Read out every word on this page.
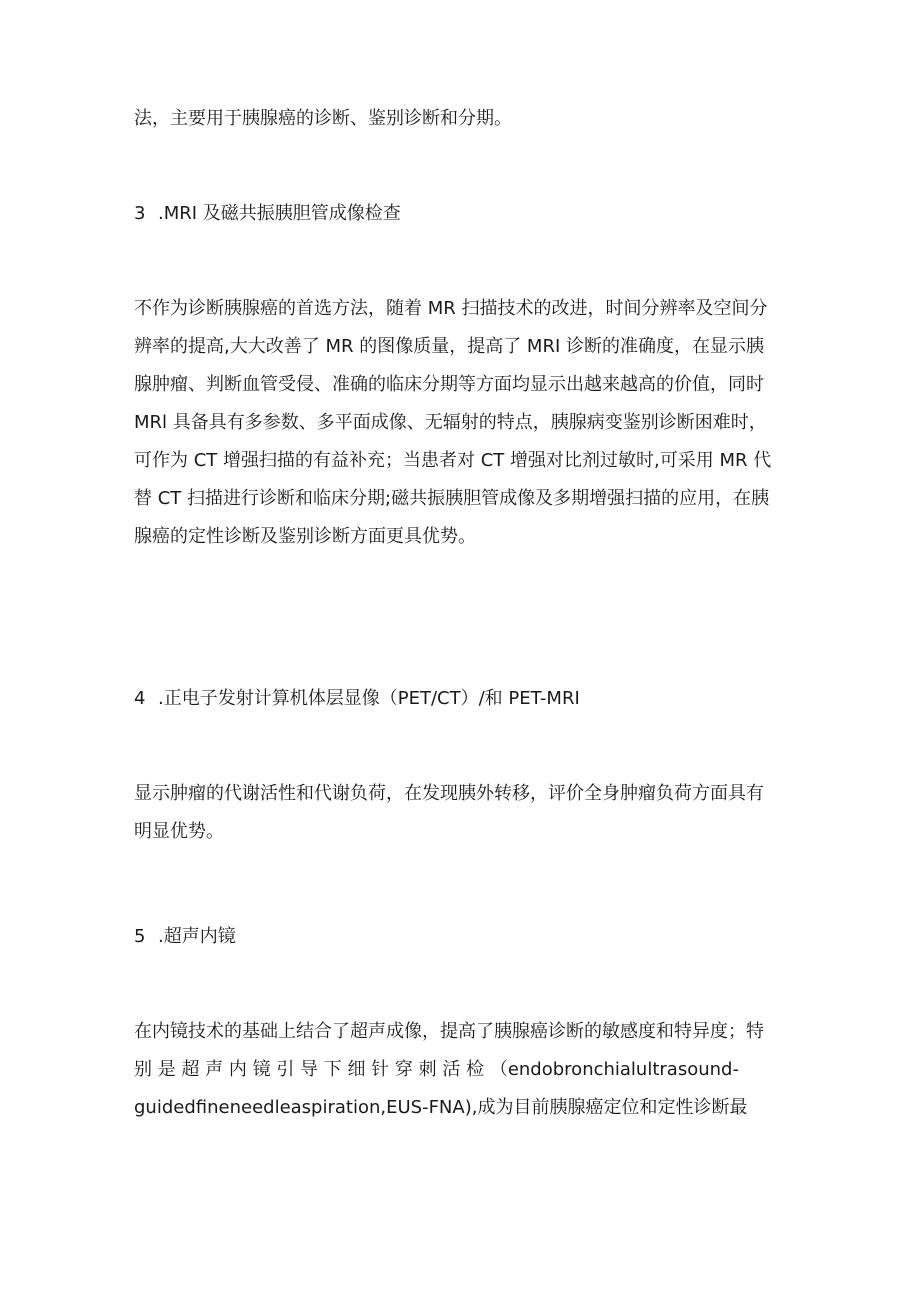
法，主要用于胰腺癌的诊断、鉴别诊断和分期。
3 .MRI 及磁共振胰胆管成像检查
不作为诊断胰腺癌的首选方法，随着 MR 扫描技术的改进，时间分辨率及空间分
辨率的提高,大大改善了 MR 的图像质量，提高了 MRI 诊断的准确度，在显示胰
腺肿瘤、判断血管受侵、准确的临床分期等方面均显示出越来越高的价值，同时
MRl 具备具有多参数、多平面成像、无辐射的特点，胰腺病变鉴别诊断困难时，
可作为 CT 增强扫描的有益补充；当患者对 CT 增强对比剂过敏时,可采用 MR 代
替 CT 扫描进行诊断和临床分期;磁共振胰胆管成像及多期增强扫描的应用，在胰
腺癌的定性诊断及鉴别诊断方面更具优势。
4 .正电子发射计算机体层显像（PET/CT）/和 PET-MRI
显示肿瘤的代谢活性和代谢负荷，在发现胰外转移，评价全身肿瘤负荷方面具有
明显优势。
5 .超声内镜
在内镜技术的基础上结合了超声成像，提高了胰腺癌诊断的敏感度和特异度；特
别 是 超 声 内 镜 引 导 下 细 针 穿 刺 活 检 （endobronchialultrasound-
guidedfineneedleaspiration,EUS-FNA),成为目前胰腺癌定位和定性诊断最
